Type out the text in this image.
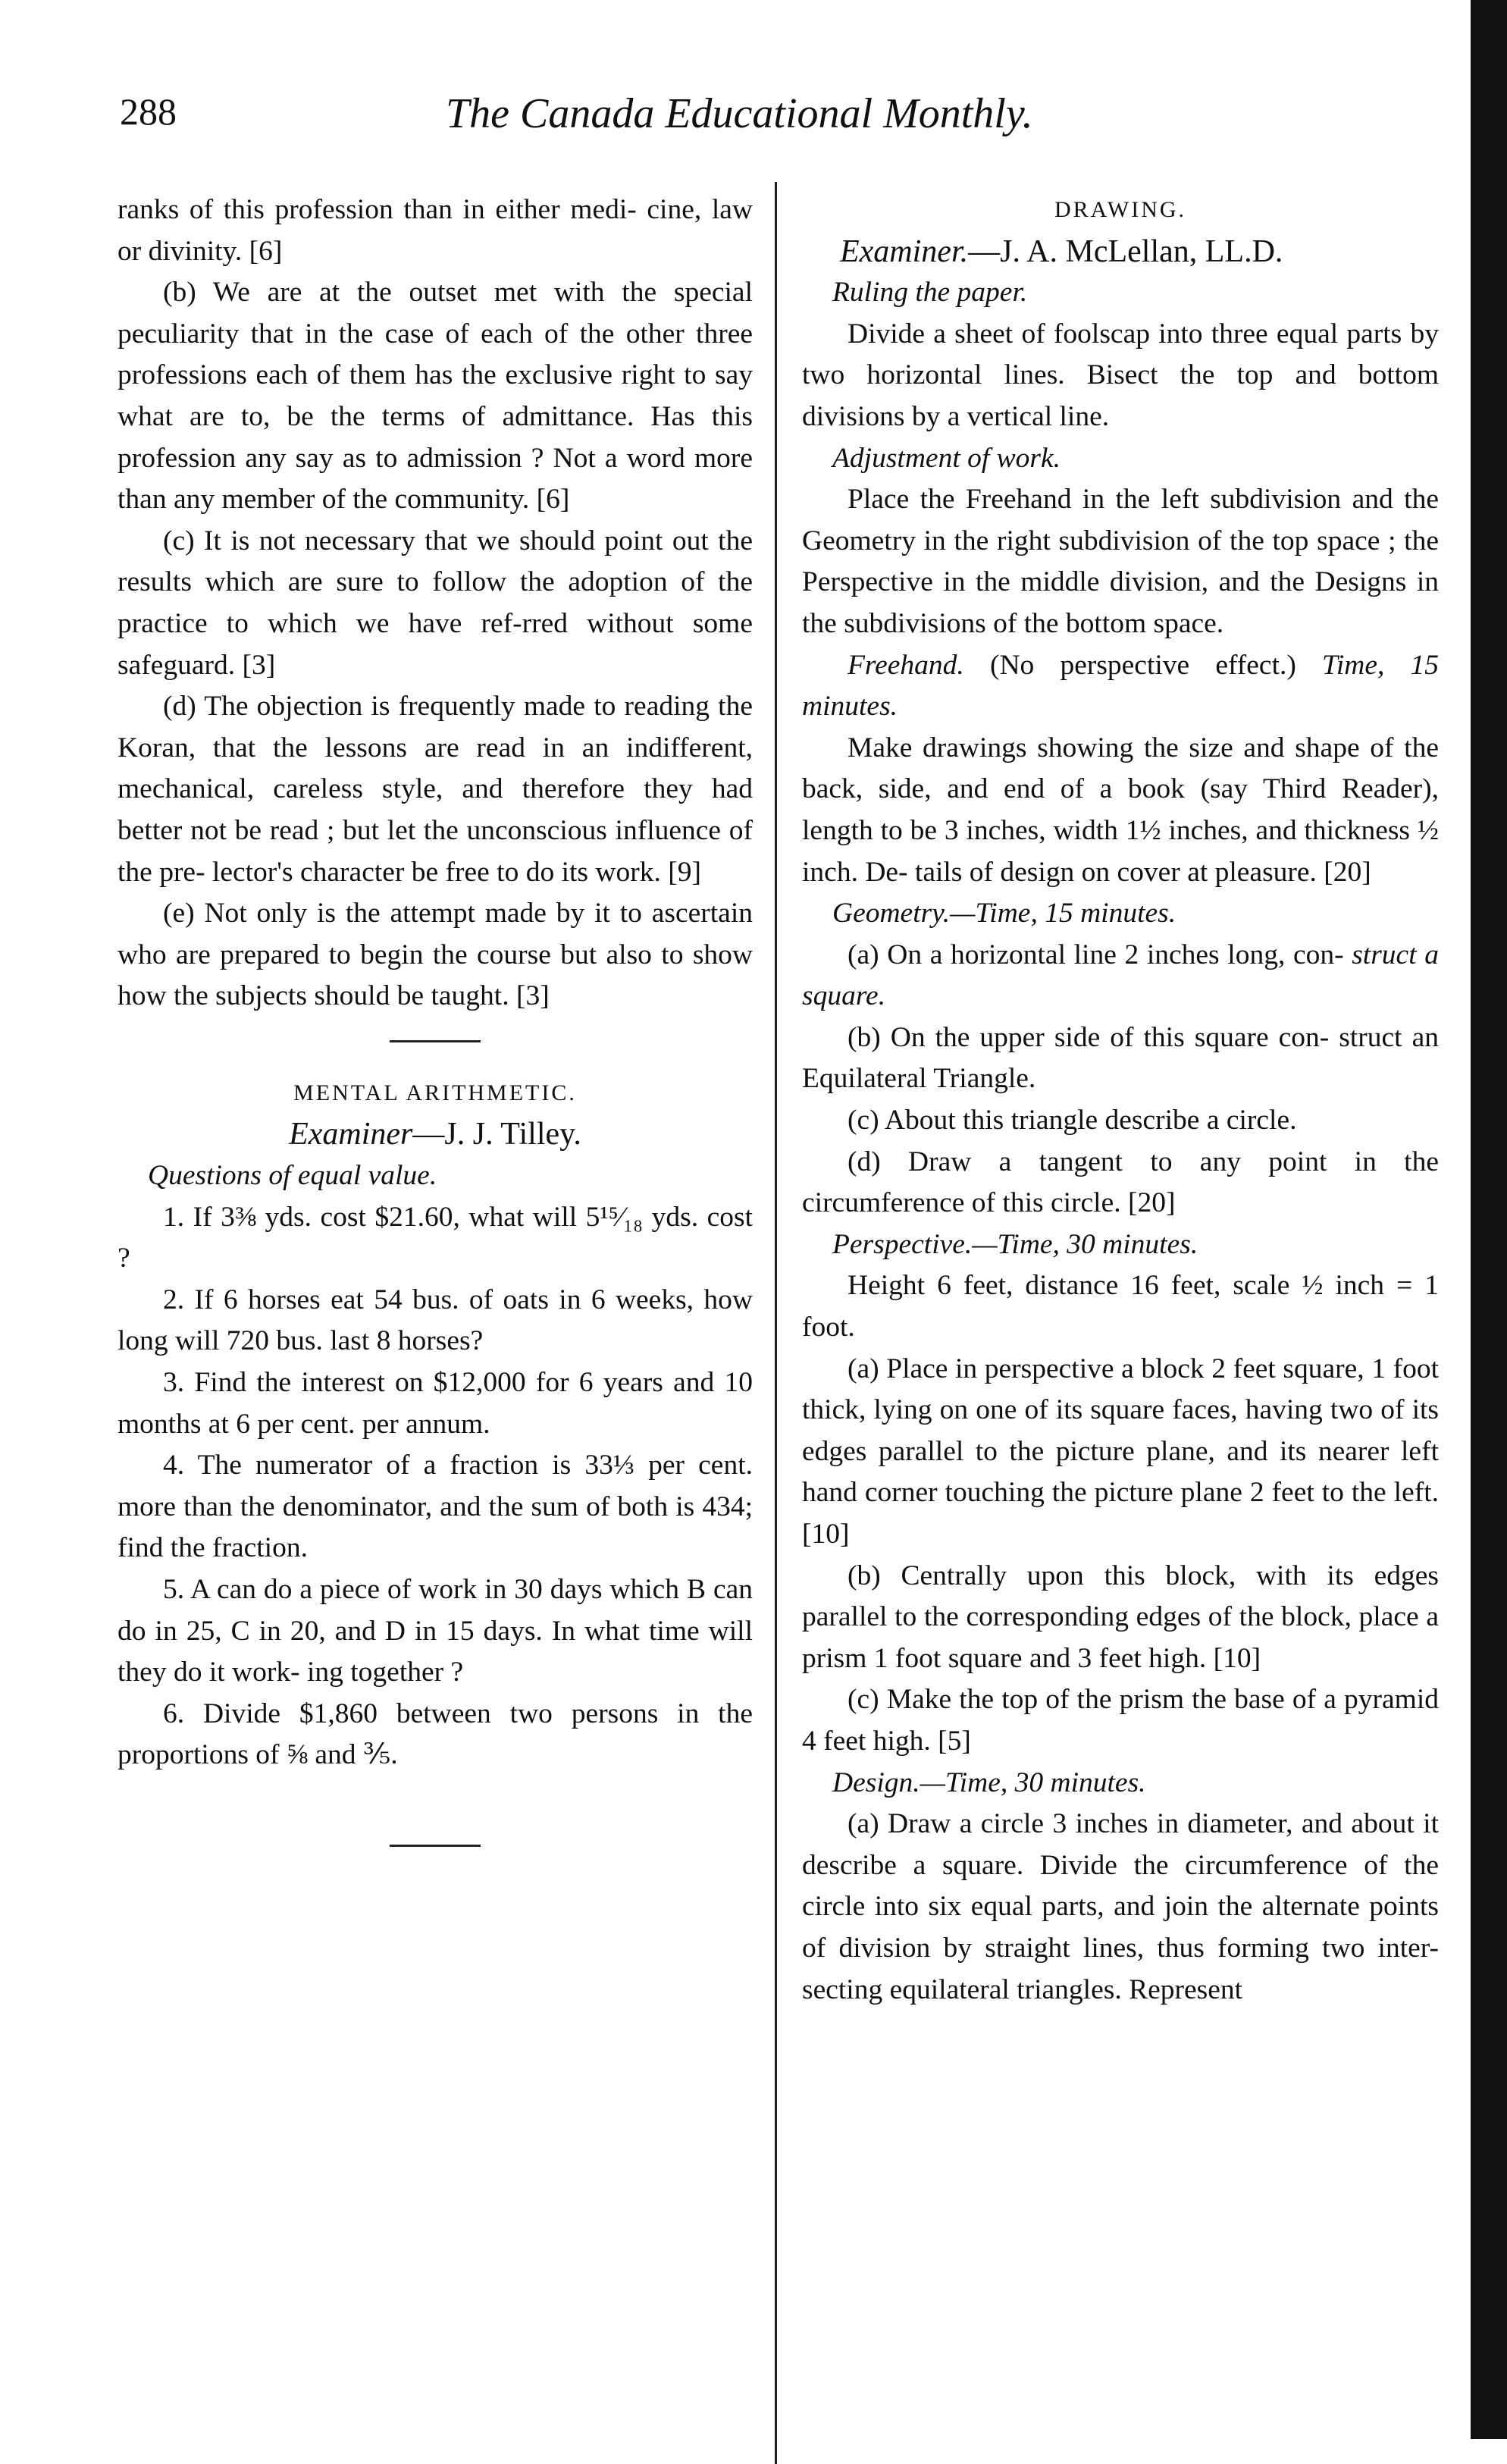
288	The Canada Educational Monthly.

ranks of this profession than in either medi- cine, law or divinity. [6]

(b) We are at the outset met with the special peculiarity that in the case of each of the other three professions each of them has the exclusive right to say what are to, be the terms of admittance. Has this profession any say as to admission ? Not a word more than any member of the community. [6]

(c) It is not necessary that we should point out the results which are sure to follow the adoption of the practice to which we have ref-rred without some safeguard. [3]

(d) The objection is frequently made to reading the Koran, that the lessons are read in an indifferent, mechanical, careless style, and therefore they had better not be read ; but let the unconscious influence of the pre- lector's character be free to do its work. [9]

(e) Not only is the attempt made by it to ascertain who are prepared to begin the course but also to show how the subjects should be taught. [3]

MENTAL ARITHMETIC.

Examiner—J. J. Tilley.

Questions of equal value.

1. If 3⅜ yds. cost $21.60, what will 5¹⁵⁄₁₈ yds. cost ?

2. If 6 horses eat 54 bus. of oats in 6 weeks, how long will 720 bus. last 8 horses?

3. Find the interest on $12,000 for 6 years and 10 months at 6 per cent. per annum.

4. The numerator of a fraction is 33⅓ per cent. more than the denominator, and the sum of both is 434; find the fraction.

5. A can do a piece of work in 30 days which B can do in 25, C in 20, and D in 15 days. In what time will they do it work- ing together ?

6. Divide $1,860 between two persons in the proportions of ⅝ and ⅗.

DRAWING.

Examiner.—J. A. McLellan, LL.D.

Ruling the paper.

Divide a sheet of foolscap into three equal parts by two horizontal lines. Bisect the top and bottom divisions by a vertical line.

Adjustment of work.

Place the Freehand in the left subdivision and the Geometry in the right subdivision of the top space ; the Perspective in the middle division, and the Designs in the subdivisions of the bottom space.

Freehand. (No perspective effect.) Time, 15 minutes.

Make drawings showing the size and shape of the back, side, and end of a book (say Third Reader), length to be 3 inches, width 1½ inches, and thickness ½ inch. De- tails of design on cover at pleasure. [20]

Geometry.—Time, 15 minutes.

(a) On a horizontal line 2 inches long, con- struct a square.

(b) On the upper side of this square con- struct an Equilateral Triangle.

(c) About this triangle describe a circle.

(d) Draw a tangent to any point in the circumference of this circle. [20]

Perspective.—Time, 30 minutes.

Height 6 feet, distance 16 feet, scale ½ inch = 1 foot.

(a) Place in perspective a block 2 feet square, 1 foot thick, lying on one of its square faces, having two of its edges parallel to the picture plane, and its nearer left hand corner touching the picture plane 2 feet to the left. [10]

(b) Centrally upon this block, with its edges parallel to the corresponding edges of the block, place a prism 1 foot square and 3 feet high. [10]

(c) Make the top of the prism the base of a pyramid 4 feet high. [5]

Design.—Time, 30 minutes.

(a) Draw a circle 3 inches in diameter, and about it describe a square. Divide the circumference of the circle into six equal parts, and join the alternate points of division by straight lines, thus forming two inter- secting equilateral triangles. Represent
